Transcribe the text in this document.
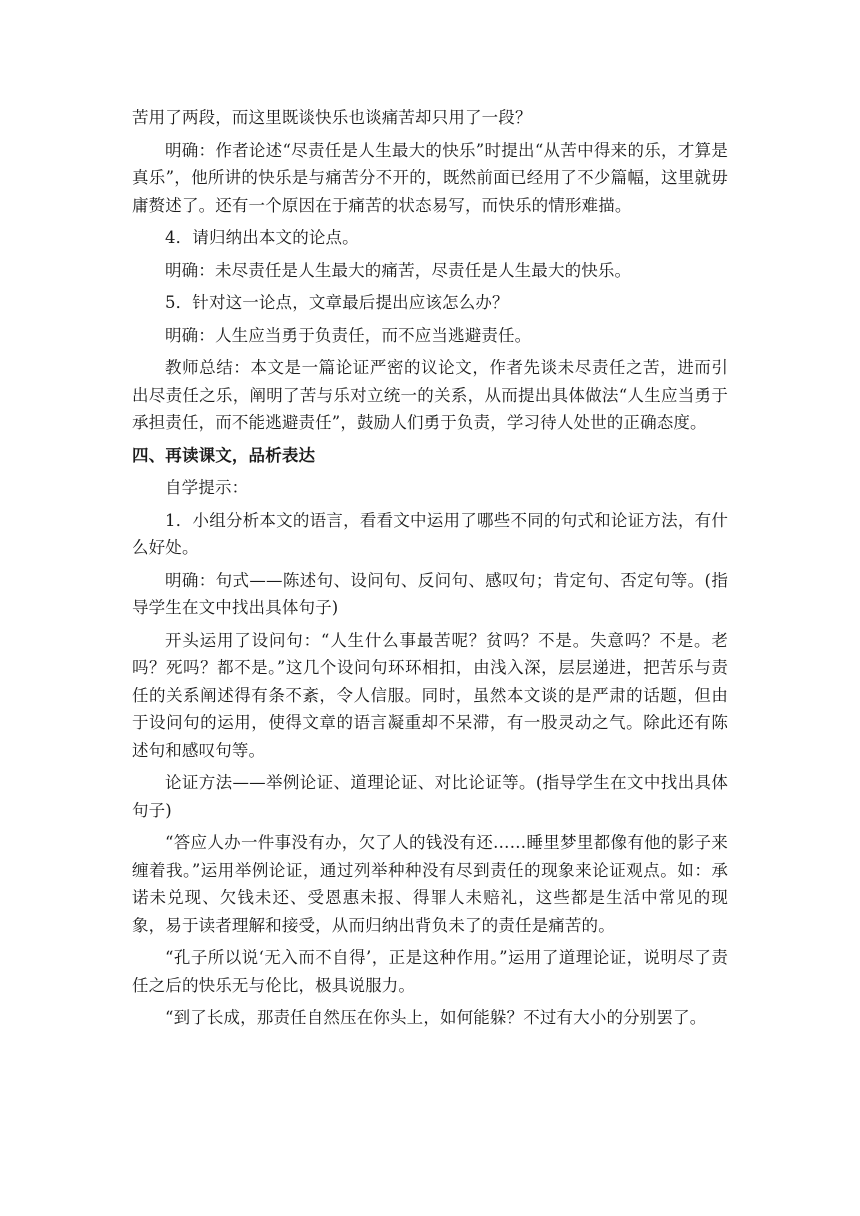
苦用了两段，而这里既谈快乐也谈痛苦却只用了一段？

明确：作者论述“尽责任是人生最大的快乐”时提出“从苦中得来的乐，才算是真乐”，他所讲的快乐是与痛苦分不开的，既然前面已经用了不少篇幅，这里就毋庸赘述了。还有一个原因在于痛苦的状态易写，而快乐的情形难描。

4．请归纳出本文的论点。

明确：未尽责任是人生最大的痛苦，尽责任是人生最大的快乐。

5．针对这一论点，文章最后提出应该怎么办？

明确：人生应当勇于负责任，而不应当逃避责任。

教师总结：本文是一篇论证严密的议论文，作者先谈未尽责任之苦，进而引出尽责任之乐，阐明了苦与乐对立统一的关系，从而提出具体做法“人生应当勇于承担责任，而不能逃避责任”，鼓励人们勇于负责，学习待人处世的正确态度。

四、再读课文，品析表达

自学提示：

1．小组分析本文的语言，看看文中运用了哪些不同的句式和论证方法，有什么好处。

明确：句式——陈述句、设问句、反问句、感叹句；肯定句、否定句等。(指导学生在文中找出具体句子)

开头运用了设问句：“人生什么事最苦呢？贫吗？不是。失意吗？不是。老吗？死吗？都不是。”这几个设问句环环相扣，由浅入深，层层递进，把苦乐与责任的关系阐述得有条不紊，令人信服。同时，虽然本文谈的是严肃的话题，但由于设问句的运用，使得文章的语言凝重却不呆滞，有一股灵动之气。除此还有陈述句和感叹句等。

论证方法——举例论证、道理论证、对比论证等。(指导学生在文中找出具体句子)

“答应人办一件事没有办，欠了人的钱没有还……睡里梦里都像有他的影子来缠着我。”运用举例论证，通过列举种种没有尽到责任的现象来论证观点。如：承诺未兑现、欠钱未还、受恩惠未报、得罪人未赔礼，这些都是生活中常见的现象，易于读者理解和接受，从而归纳出背负未了的责任是痛苦的。

“孔子所以说‘无入而不自得’，正是这种作用。”运用了道理论证，说明尽了责任之后的快乐无与伦比，极具说服力。

“到了长成，那责任自然压在你头上，如何能躲？不过有大小的分别罢了。
